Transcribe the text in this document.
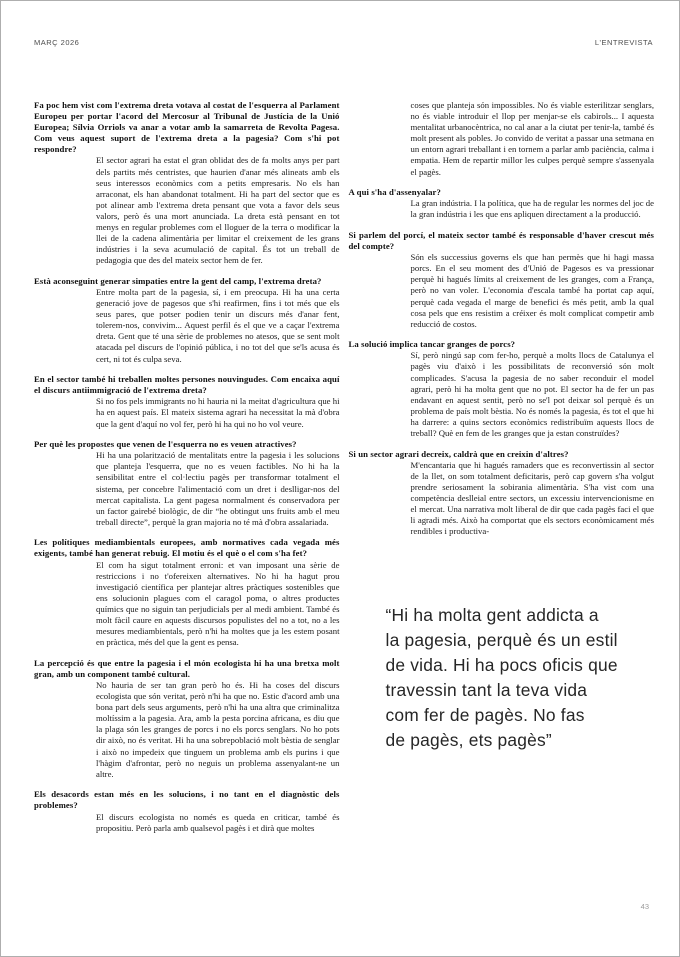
MARÇ 2026	L'ENTREVISTA

Fa poc hem vist com l'extrema dreta votava al costat de l'esquerra al Parlament Europeu per portar l'acord del Mercosur al Tribunal de Justícia de la Unió Europea; Sílvia Orriols va anar a votar amb la samarreta de Revolta Pagesa. Com veus aquest suport de l'extrema dreta a la pagesia? Com s'hi pot respondre?

El sector agrari ha estat el gran oblidat des de fa molts anys per part dels partits més centristes, que haurien d'anar més alineats amb els seus interessos econòmics com a petits empresaris. No els han arraconat, els han abandonat totalment. Hi ha part del sector que es pot alinear amb l'extrema dreta pensant que vota a favor dels seus valors, però és una mort anunciada. La dreta està pensant en tot menys en regular problemes com el lloguer de la terra o modificar la llei de la cadena alimentària per limitar el creixement de les grans indústries i la seva acumulació de capital. És tot un treball de pedagogia que des del mateix sector hem de fer.

Està aconseguint generar simpaties entre la gent del camp, l'extrema dreta?

Entre molta part de la pagesia, sí, i em preocupa. Hi ha una certa generació jove de pagesos que s'hi reafirmen, fins i tot més que els seus pares, que potser podien tenir un discurs més d'anar fent, tolerem-nos, convivim... Aquest perfil és el que ve a caçar l'extrema dreta. Gent que té una sèrie de problemes no atesos, que se sent molt atacada pel discurs de l'opinió pública, i no tot del que se'ls acusa és cert, ni tot és culpa seva.

En el sector també hi treballen moltes persones nouvingudes. Com encaixa aquí el discurs antiimmigració de l'extrema dreta?

Si no fos pels immigrants no hi hauria ni la meitat d'agricultura que hi ha en aquest país. El mateix sistema agrari ha necessitat la mà d'obra que la gent d'aquí no vol fer, però hi ha qui no ho vol veure.

Per què les propostes que venen de l'esquerra no es veuen atractives?

Hi ha una polarització de mentalitats entre la pagesia i les solucions que planteja l'esquerra, que no es veuen factibles. No hi ha la sensibilitat entre el col·lectiu pagès per transformar totalment el sistema, per concebre l'alimentació com un dret i deslligar-nos del mercat capitalista. La gent pagesa normalment és conservadora per un factor gairebé biològic, de dir “he obtingut uns fruits amb el meu treball directe”, perquè la gran majoria no té mà d'obra assalariada.

Les polítiques mediambientals europees, amb normatives cada vegada més exigents, també han generat rebuig. El motiu és el què o el com s'ha fet?

El com ha sigut totalment erroni: et van imposant una sèrie de restriccions i no t'ofereixen alternatives. No hi ha hagut prou investigació científica per plantejar altres pràctiques sostenibles que ens solucionin plagues com el caragol poma, o altres productes químics que no siguin tan perjudicials per al medi ambient. També és molt fàcil caure en aquests discursos populistes del no a tot, no a les mesures mediambientals, però n'hi ha moltes que ja les estem posant en pràctica, més del que la gent es pensa.

La percepció és que entre la pagesia i el món ecologista hi ha una bretxa molt gran, amb un component també cultural.

No hauria de ser tan gran però ho és. Hi ha coses del discurs ecologista que són veritat, però n'hi ha que no. Estic d'acord amb una bona part dels seus arguments, però n'hi ha una altra que criminalitza moltíssim a la pagesia. Ara, amb la pesta porcina africana, es diu que la plaga són les granges de porcs i no els porcs senglars. No ho pots dir això, no és veritat. Hi ha una sobrepoblació molt bèstia de senglar i això no impedeix que tinguem un problema amb els purins i que l'hàgim d'afrontar, però no neguis un problema assenyalant-ne un altre.

Els desacords estan més en les solucions, i no tant en el diagnòstic dels problemes?

El discurs ecologista no només es queda en criticar, també és propositiu. Però parla amb qualsevol pagès i et dirà que moltes

coses que planteja són impossibles. No és viable esterilitzar senglars, no és viable introduir el llop per menjar-se els cabirols... I aquesta mentalitat urbanocèntrica, no cal anar a la ciutat per tenir-la, també és molt present als pobles. Jo convido de veritat a passar una setmana en un entorn agrari treballant i en tornem a parlar amb paciència, calma i empatia. Hem de repartir millor les culpes perquè sempre s'assenyala el pagès.

A qui s'ha d'assenyalar?

La gran indústria. I la política, que ha de regular les normes del joc de la gran indústria i les que ens apliquen directament a la producció.

Si parlem del porcí, el mateix sector també és responsable d'haver crescut més del compte?

Són els successius governs els que han permès que hi hagi massa porcs. En el seu moment des d'Unió de Pagesos es va pressionar perquè hi hagués límits al creixement de les granges, com a França, però no van voler. L'economia d'escala també ha portat cap aquí, perquè cada vegada el marge de benefici és més petit, amb la qual cosa pels que ens resistim a créixer és molt complicat competir amb reducció de costos.

La solució implica tancar granges de porcs?

Sí, però ningú sap com fer-ho, perquè a molts llocs de Catalunya el pagès viu d'això i les possibilitats de reconversió són molt complicades. S'acusa la pagesia de no saber reconduir el model agrari, però hi ha molta gent que no pot. El sector ha de fer un pas endavant en aquest sentit, però no se'l pot deixar sol perquè és un problema de país molt bèstia. No és només la pagesia, és tot el que hi ha darrere: a quins sectors econòmics redistribuïm aquests llocs de treball? Què en fem de les granges que ja estan construïdes?

Si un sector agrari decreix, caldrà que en creixin d'altres?

M'encantaria que hi hagués ramaders que es reconvertissin al sector de la llet, on som totalment deficitaris, però cap govern s'ha volgut prendre seriosament la sobirania alimentària. S'ha vist com una competència deslleial entre sectors, un excessiu intervencionisme en el mercat. Una narrativa molt liberal de dir que cada pagès faci el que li agradi més. Això ha comportat que els sectors econòmicament més rendibles i productiva-

“Hi ha molta gent addicta a
la pagesia, perquè és un estil
de vida. Hi ha pocs oficis que
travessin tant la teva vida
com fer de pagès. No fas
de pagès, ets pagès”
43
